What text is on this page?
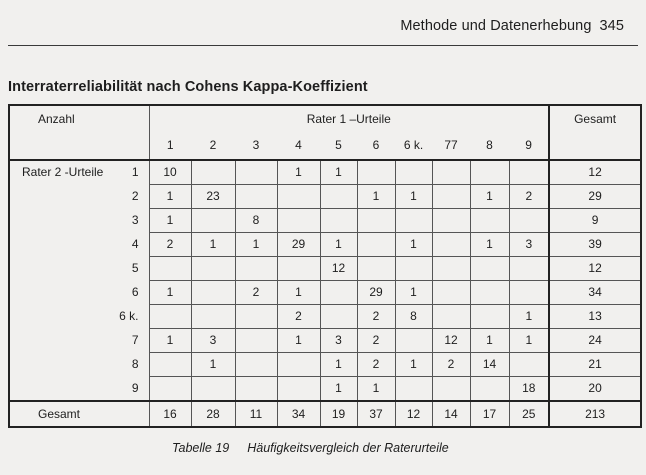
Methode und Datenerhebung 345
Interraterreliabilität nach Cohens Kappa-Koeffizient
Anzahl	Rater 1 –Urteile										Gesamt
	1	2	3	4	5	6	6 k.	77	8	9	
Rater 2 -Urteile 1	10			1	1						12
2	1	23				1	1		1	2	29
3	1		8								9
4	2	1	1	29	1		1		1	3	39
5					12						12
6	1		2	1		29	1				34
6 k.				2		2	8			1	13
7	1	3		1	3	2		12	1	1	24
8		1			1	2	1	2	14		21
9					1	1				18	20
Gesamt	16	28	11	34	19	37	12	14	17	25	213
Tabelle 19 Häufigkeitsvergleich der Raterurteile
